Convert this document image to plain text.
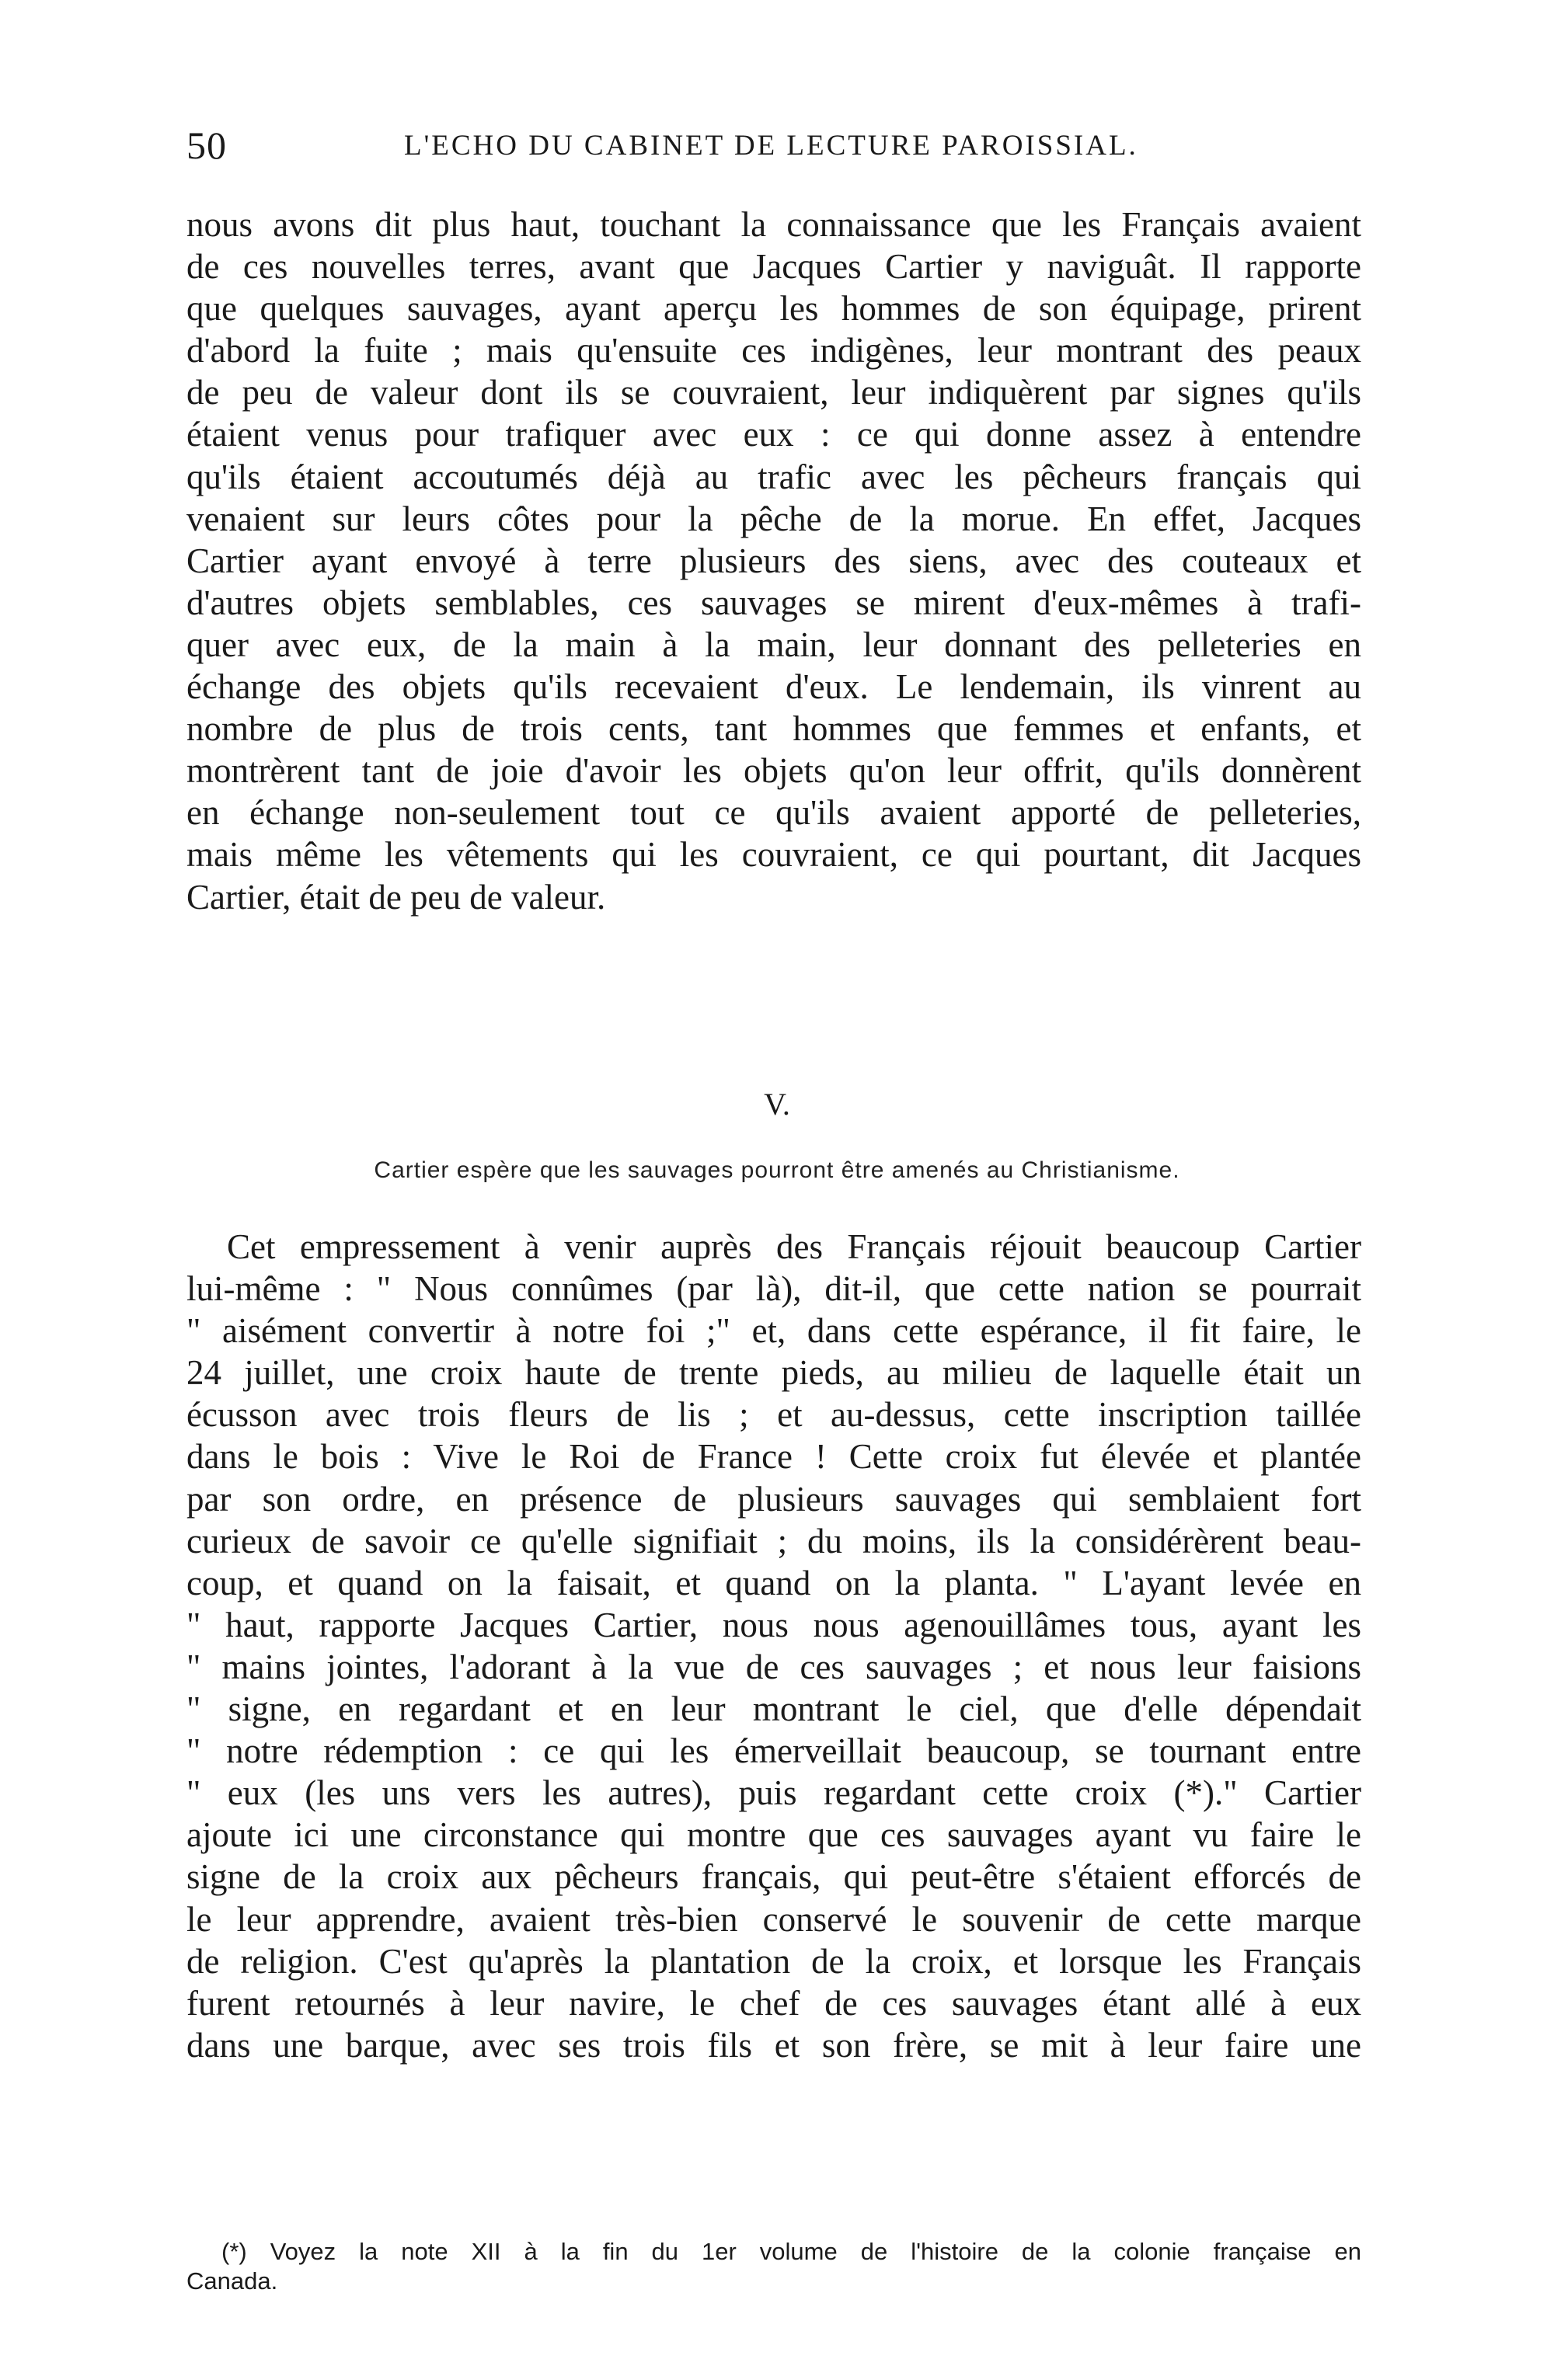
50	L'ECHO DU CABINET DE LECTURE PAROISSIAL.
nous avons dit plus haut, touchant la connaissance que les Français avaient
de ces nouvelles terres, avant que Jacques Cartier y naviguât. Il rapporte
que quelques sauvages, ayant aperçu les hommes de son équipage, prirent
d'abord la fuite ; mais qu'ensuite ces indigènes, leur montrant des peaux
de peu de valeur dont ils se couvraient, leur indiquèrent par signes qu'ils
étaient venus pour trafiquer avec eux : ce qui donne assez à entendre
qu'ils étaient accoutumés déjà au trafic avec les pêcheurs français qui
venaient sur leurs côtes pour la pêche de la morue. En effet, Jacques
Cartier ayant envoyé à terre plusieurs des siens, avec des couteaux et
d'autres objets semblables, ces sauvages se mirent d'eux-mêmes à trafi-
quer avec eux, de la main à la main, leur donnant des pelleteries en
échange des objets qu'ils recevaient d'eux. Le lendemain, ils vinrent au
nombre de plus de trois cents, tant hommes que femmes et enfants, et
montrèrent tant de joie d'avoir les objets qu'on leur offrit, qu'ils donnèrent
en échange non-seulement tout ce qu'ils avaient apporté de pelleteries,
mais même les vêtements qui les couvraient, ce qui pourtant, dit Jacques
Cartier, était de peu de valeur.
V.
Cartier espère que les sauvages pourront être amenés au Christianisme.
Cet empressement à venir auprès des Français réjouit beaucoup Cartier
lui-même : " Nous connûmes (par là), dit-il, que cette nation se pourrait
" aisément convertir à notre foi ;" et, dans cette espérance, il fit faire, le
24 juillet, une croix haute de trente pieds, au milieu de laquelle était un
écusson avec trois fleurs de lis ; et au-dessus, cette inscription taillée
dans le bois : Vive le Roi de France ! Cette croix fut élevée et plantée
par son ordre, en présence de plusieurs sauvages qui semblaient fort
curieux de savoir ce qu'elle signifiait ; du moins, ils la considérèrent beau-
coup, et quand on la faisait, et quand on la planta. " L'ayant levée en
" haut, rapporte Jacques Cartier, nous nous agenouillâmes tous, ayant les
" mains jointes, l'adorant à la vue de ces sauvages ; et nous leur faisions
" signe, en regardant et en leur montrant le ciel, que d'elle dépendait
" notre rédemption : ce qui les émerveillait beaucoup, se tournant entre
" eux (les uns vers les autres), puis regardant cette croix (*)." Cartier
ajoute ici une circonstance qui montre que ces sauvages ayant vu faire le
signe de la croix aux pêcheurs français, qui peut-être s'étaient efforcés de
le leur apprendre, avaient très-bien conservé le souvenir de cette marque
de religion. C'est qu'après la plantation de la croix, et lorsque les Français
furent retournés à leur navire, le chef de ces sauvages étant allé à eux
dans une barque, avec ses trois fils et son frère, se mit à leur faire une
(*) Voyez la note XII à la fin du 1er volume de l'histoire de la colonie française en
Canada.
